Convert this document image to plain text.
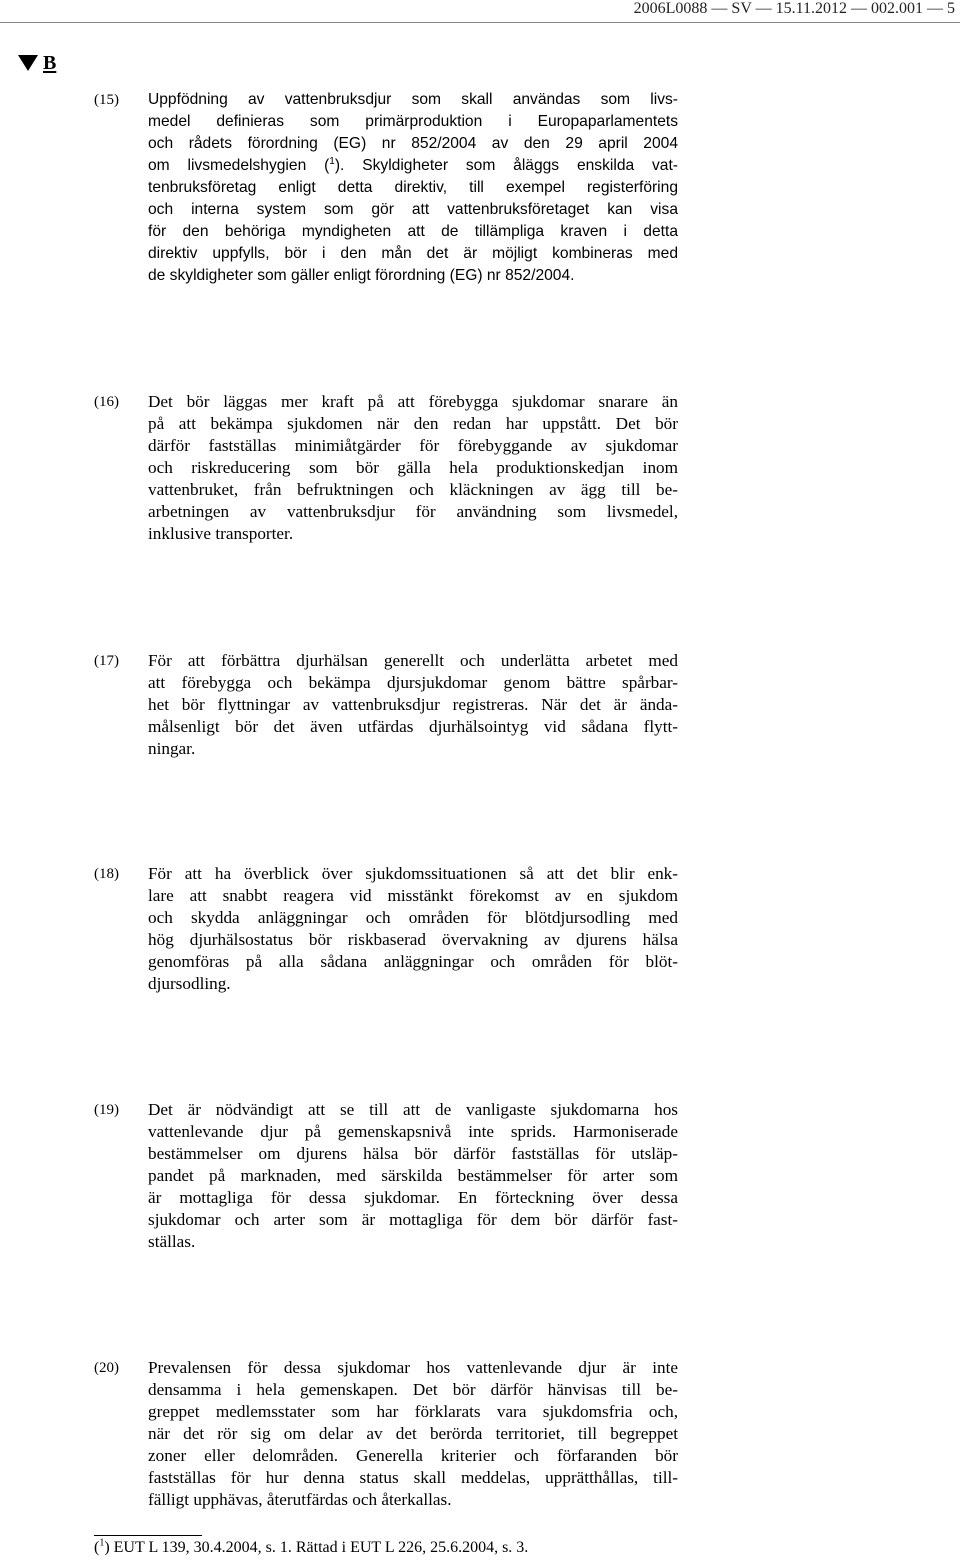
2006L0088 — SV — 15.11.2012 — 002.001 — 5
B
(15) Uppfödning av vattenbruksdjur som skall användas som livs-
medel definieras som primärproduktion i Europaparlamentets
och rådets förordning (EG) nr 852/2004 av den 29 april 2004
om livsmedelshygien ($^1$). Skyldigheter som åläggs enskilda vat-
tenbruksföretag enligt detta direktiv, till exempel registerföring
och interna system som gör att vattenbruksföretaget kan visa
för den behöriga myndigheten att de tillämpliga kraven i detta
direktiv uppfylls, bör i den mån det är möjligt kombineras med
de skyldigheter som gäller enligt förordning (EG) nr 852/2004.
(16) Det bör läggas mer kraft på att förebygga sjukdomar snarare än
på att bekämpa sjukdomen när den redan har uppstått. Det bör
därför fastställas minimiåtgärder för förebyggande av sjukdomar
och riskreducering som bör gälla hela produktionskedjan inom
vattenbruket, från befruktningen och kläckningen av ägg till be-
arbetningen av vattenbruksdjur för användning som livsmedel,
inklusive transporter.
(17) För att förbättra djurhälsan generellt och underlätta arbetet med
att förebygga och bekämpa djursjukdomar genom bättre spårbar-
het bör flyttningar av vattenbruksdjur registreras. När det är ända-
målsenligt bör det även utfärdas djurhälsointyg vid sådana flytt-
ningar.
(18) För att ha överblick över sjukdomssituationen så att det blir enk-
lare att snabbt reagera vid misstänkt förekomst av en sjukdom
och skydda anläggningar och områden för blötdjursodling med
hög djurhälsostatus bör riskbaserad övervakning av djurens hälsa
genomföras på alla sådana anläggningar och områden för blöt-
djursodling.
(19) Det är nödvändigt att se till att de vanligaste sjukdomarna hos
vattenlevande djur på gemenskapsnivå inte sprids. Harmoniserade
bestämmelser om djurens hälsa bör därför fastställas för utsläp-
pandet på marknaden, med särskilda bestämmelser för arter som
är mottagliga för dessa sjukdomar. En förteckning över dessa
sjukdomar och arter som är mottagliga för dem bör därför fast-
ställas.
(20) Prevalensen för dessa sjukdomar hos vattenlevande djur är inte
densamma i hela gemenskapen. Det bör därför hänvisas till be-
greppet medlemsstater som har förklarats vara sjukdomsfria och,
när det rör sig om delar av det berörda territoriet, till begreppet
zoner eller delområden. Generella kriterier och förfaranden bör
fastställas för hur denna status skall meddelas, upprätthållas, till-
fälligt upphävas, återutfärdas och återkallas.
($^1$) EUT L 139, 30.4.2004, s. 1. Rättad i EUT L 226, 25.6.2004, s. 3.
